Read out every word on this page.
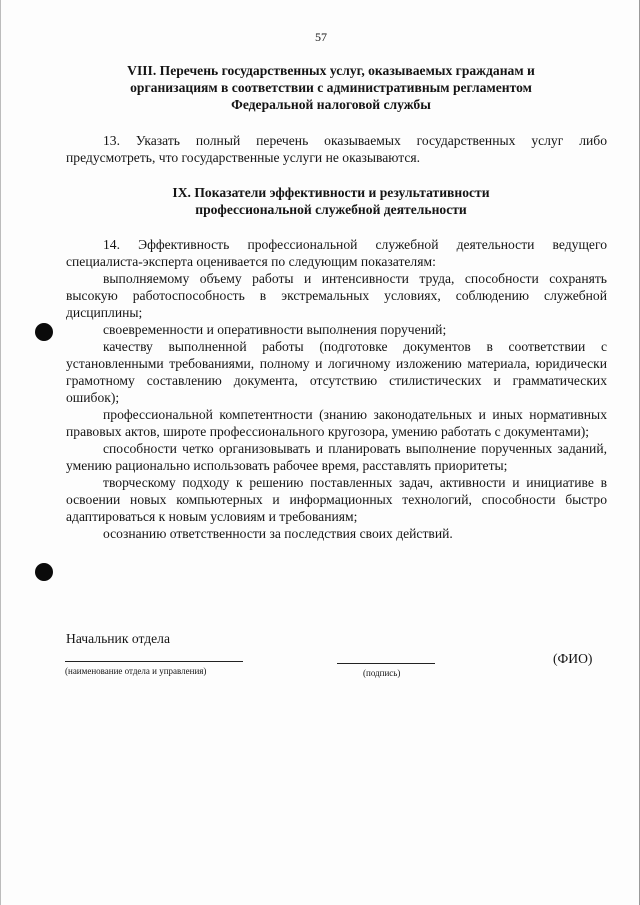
57
VIII. Перечень государственных услуг, оказываемых гражданам и
организациям в соответствии с административным регламентом
Федеральной налоговой службы
13. Указать полный перечень оказываемых государственных услуг либо предусмотреть, что государственные услуги не оказываются.
IX. Показатели эффективности и результативности
профессиональной служебной деятельности

14. Эффективность профессиональной служебной деятельности ведущего специалиста-эксперта оценивается по следующим показателям:

выполняемому объему работы и интенсивности труда, способности сохранять высокую работоспособность в экстремальных условиях, соблюдению служебной дисциплины;

своевременности и оперативности выполнения поручений;

качеству выполненной работы (подготовке документов в соответствии с установленными требованиями, полному и логичному изложению материала, юридически грамотному составлению документа, отсутствию стилистических и грамматических ошибок);

профессиональной компетентности (знанию законодательных и иных нормативных правовых актов, широте профессионального кругозора, умению работать с документами);

способности четко организовывать и планировать выполнение порученных заданий, умению рационально использовать рабочее время, расставлять приоритеты;

творческому подходу к решению поставленных задач, активности и инициативе в освоении новых компьютерных и информационных технологий, способности быстро адаптироваться к новым условиям и требованиям;

осознанию ответственности за последствия своих действий.

Начальник отдела
(наименование отдела и управления)	(подпись)
(ФИО)
